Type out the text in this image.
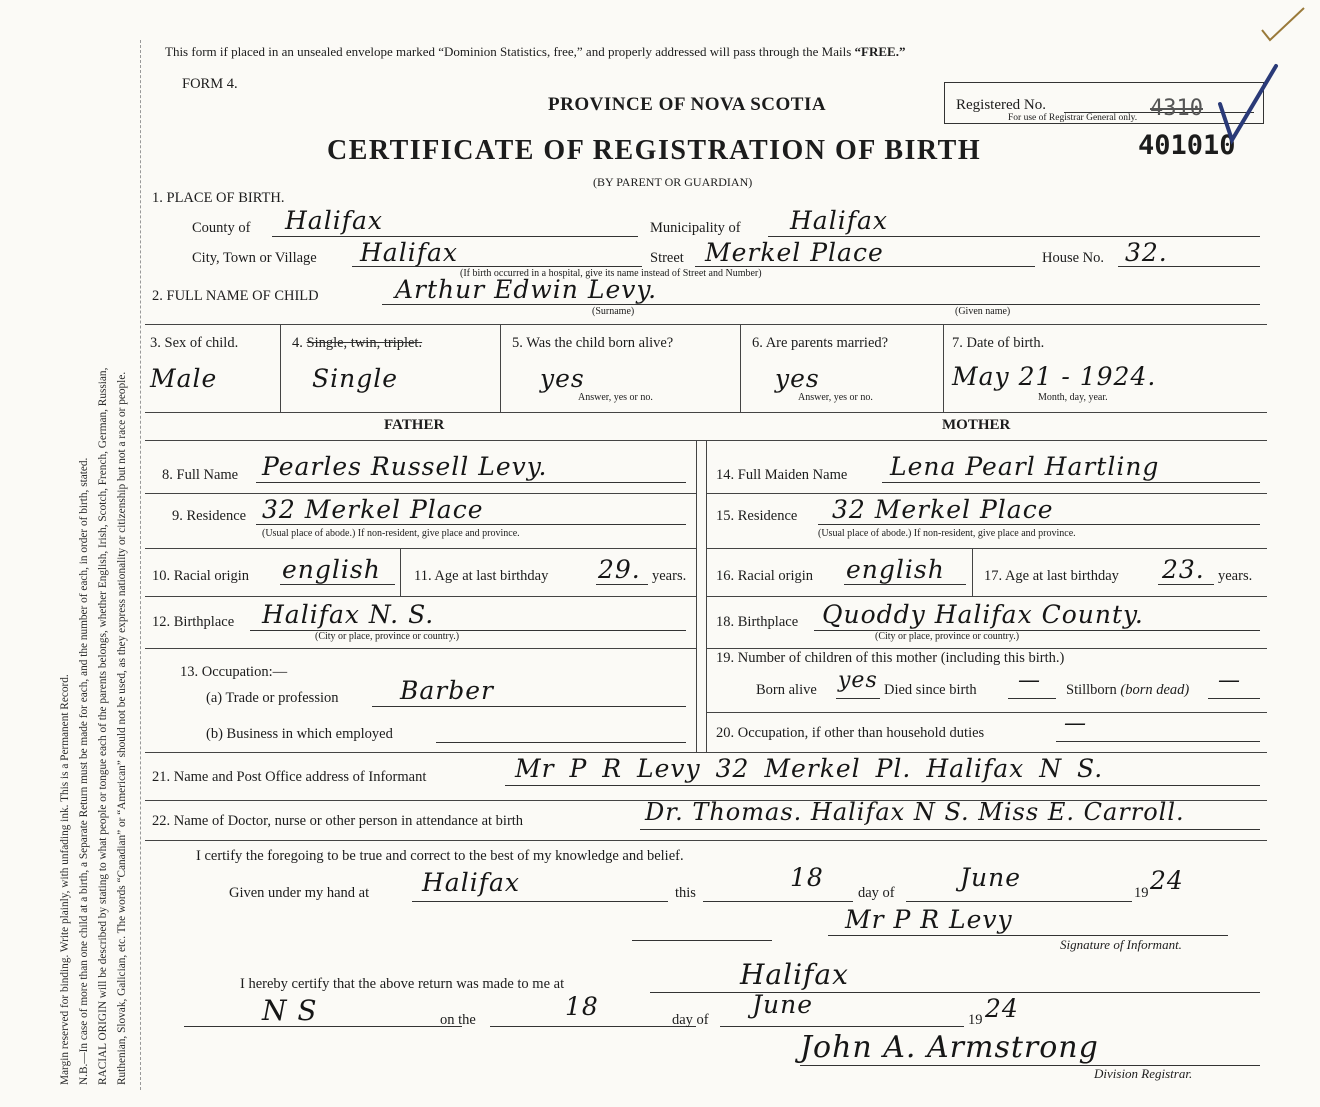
Margin reserved for binding. Write plainly, with unfading ink. This is a Permanent Record. N.B.—In case of more than one child at a birth, a Separate Return must be made for each, and the number of each, in order of birth, stated. RACIAL ORIGIN will be described by stating to what people or tongue each of the parents belongs, whether English, Irish, Scotch, French, German, Russian, Ruthenian, Slovak, Galician, etc. The words “Canadian” or “American” should not be used, as they express nationality or citizenship but not a race or people.
This form if placed in an unsealed envelope marked “Dominion Statistics, free,” and properly addressed will pass through the Mails “FREE.”
FORM 4.
PROVINCE OF NOVA SCOTIA
CERTIFICATE OF REGISTRATION OF BIRTH
(BY PARENT OR GUARDIAN)
Registered No.
For use of Registrar General only. 4310
401010
1. PLACE OF BIRTH.
County of Halifax	Municipality of Halifax
City, Town or Village Halifax	Street Merkel Place	House No. 32.
(If birth occurred in a hospital, give its name instead of Street and Number)
2. FULL NAME OF CHILD	Arthur Edwin Levy.
(Surname)	(Given name)
3. Sex of child.
Male
4. Single, twin, triplet.
Single
5. Was the child born alive?
yes
Answer, yes or no.
6. Are parents married?
yes
Answer, yes or no.
7. Date of birth.
May 21 - 1924.
Month, day, year.
FATHER	MOTHER
8. Full Name Pearles Russell Levy.
9. Residence 32 Merkel Place
(Usual place of abode.) If non-resident, give place and province.
10. Racial origin english 11. Age at last birthday 29. years.
12. Birthplace Halifax N. S.
(City or place, province or country.)
13. Occupation:—
(a) Trade or profession Barber
(b) Business in which employed
14. Full Maiden Name Lena Pearl Hartling
15. Residence 32 Merkel Place
(Usual place of abode.) If non-resident, give place and province.
16. Racial origin english	17. Age at last birthday 23. years.
18. Birthplace Quoddy Halifax County.
(City or place, province or country.)
19. Number of children of this mother (including this birth.)
Born alive yes Died since birth — Stillborn (born dead) —
20. Occupation, if other than household duties	—
21. Name and Post Office address of Informant	Mr P R Levy 32 Merkel Pl. Halifax N S.
22. Name of Doctor, nurse or other person in attendance at birth	Dr. Thomas. Halifax N S. Miss E. Carroll.
I certify the foregoing to be true and correct to the best of my knowledge and belief.
Given under my hand at Halifax	this
18
day of
June
19 24
Mr P R Levy
Signature of Informant.
I hereby certify that the above return was made to me at	Halifax
N S	on the	18	day of
June
19 24
John A. Armstrong
Division Registrar.
